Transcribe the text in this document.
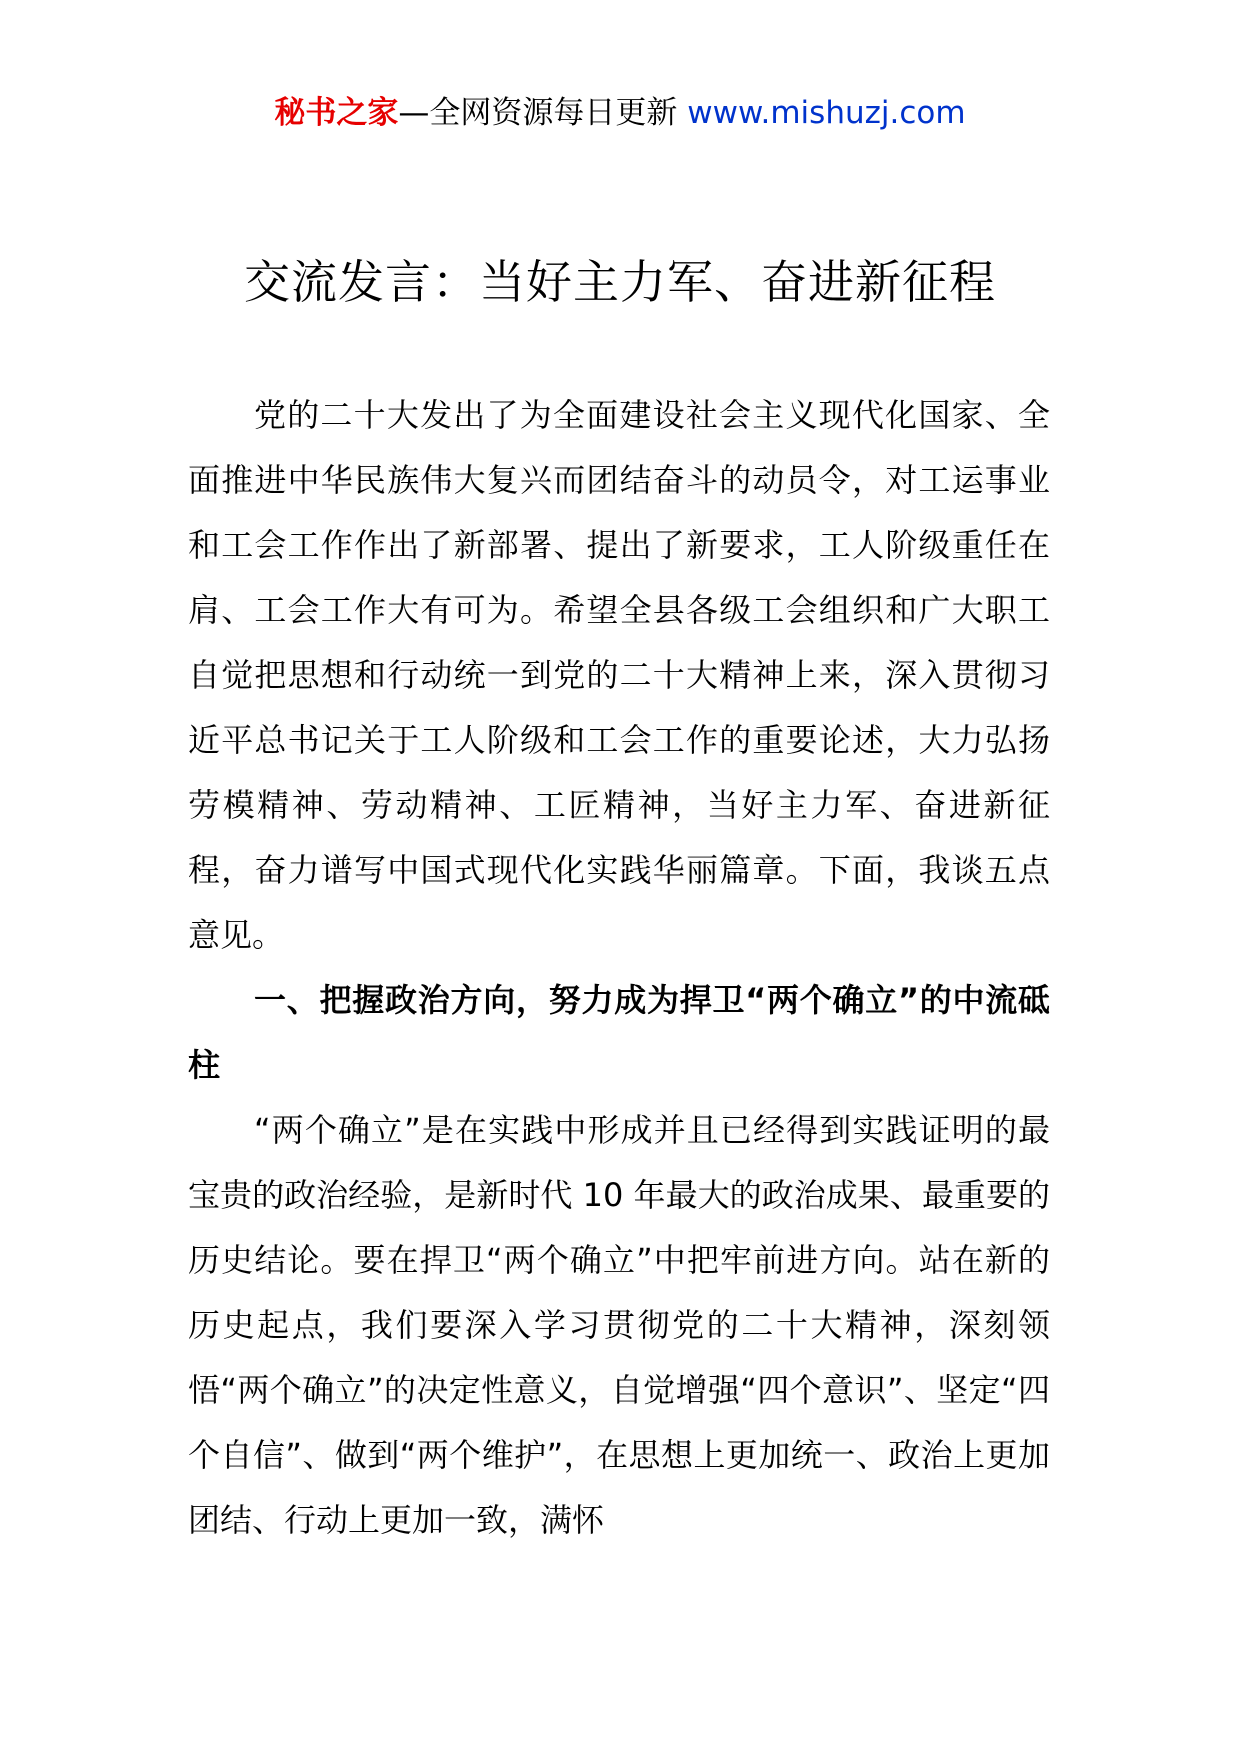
秘书之家—全网资源每日更新 www.mishuzj.com
交流发言：当好主力军、奋进新征程

党的二十大发出了为全面建设社会主义现代化国家、全面推进中华民族伟大复兴而团结奋斗的动员令，对工运事业和工会工作作出了新部署、提出了新要求，工人阶级重任在肩、工会工作大有可为。希望全县各级工会组织和广大职工自觉把思想和行动统一到党的二十大精神上来，深入贯彻习近平总书记关于工人阶级和工会工作的重要论述，大力弘扬劳模精神、劳动精神、工匠精神，当好主力军、奋进新征程，奋力谱写中国式现代化实践华丽篇章。下面，我谈五点意见。

一、把握政治方向，努力成为捍卫“两个确立”的中流砥柱

“两个确立”是在实践中形成并且已经得到实践证明的最宝贵的政治经验，是新时代 10 年最大的政治成果、最重要的历史结论。要在捍卫“两个确立”中把牢前进方向。站在新的历史起点，我们要深入学习贯彻党的二十大精神，深刻领悟“两个确立”的决定性意义，自觉增强“四个意识”、坚定“四个自信”、做到“两个维护”，在思想上更加统一、政治上更加团结、行动上更加一致，满怀
